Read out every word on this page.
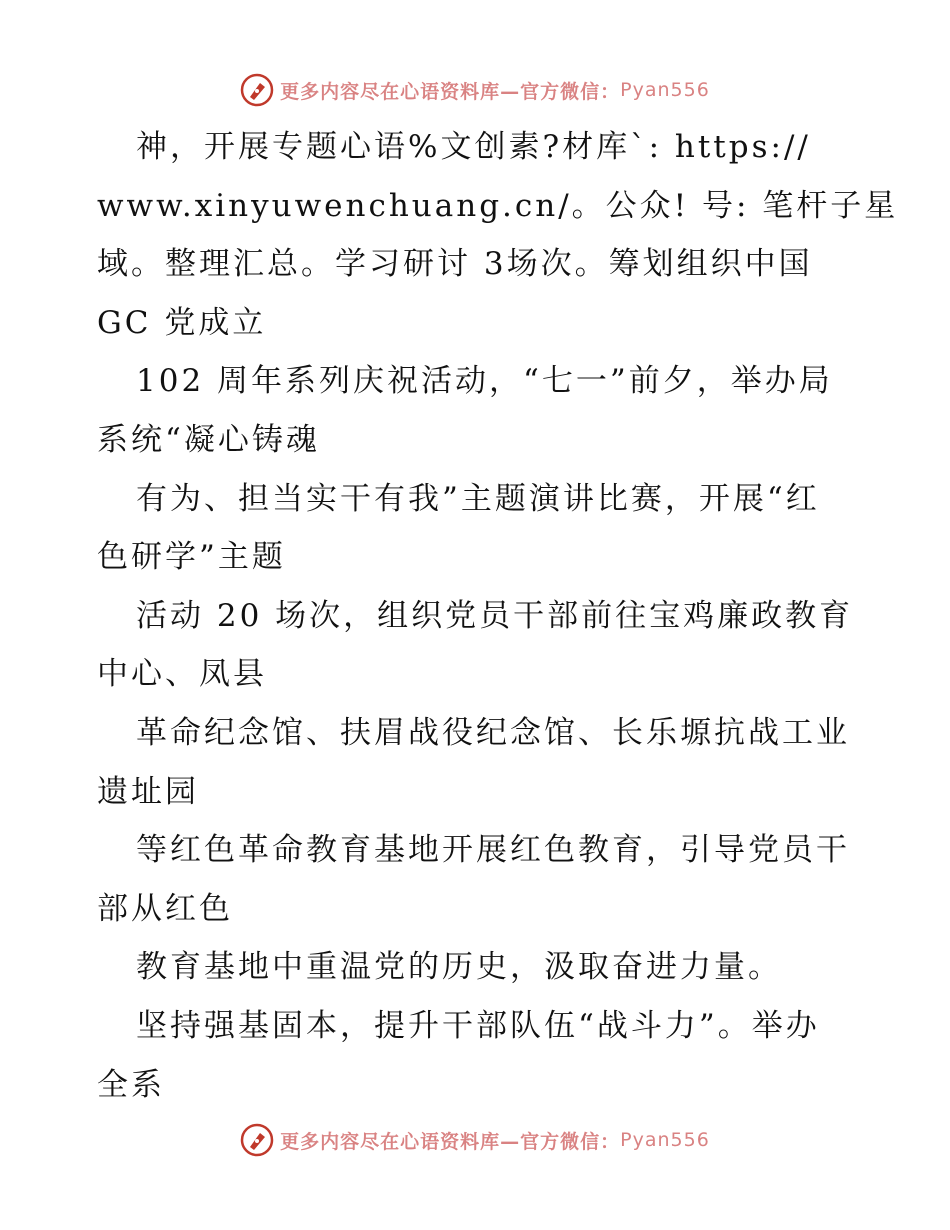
更多内容尽在心语资料库—官方微信： Pyan556
神，开展专题心语%文创素?材库`: https://
www.xinyuwenchuang.cn/。公众! 号: 笔杆子星
域。整理汇总。学习研讨 3场次。筹划组织中国
GC 党成立
102 周年系列庆祝活动，“七一”前夕，举办局
系统“凝心铸魂
有为、担当实干有我”主题演讲比赛，开展“红
色研学”主题
活动 20 场次，组织党员干部前往宝鸡廉政教育
中心、凤县
革命纪念馆、扶眉战役纪念馆、长乐塬抗战工业
遗址园
等红色革命教育基地开展红色教育，引导党员干
部从红色
教育基地中重温党的历史，汲取奋进力量。
坚持强基固本，提升干部队伍“战斗力”。举办
全系
更多内容尽在心语资料库—官方微信： Pyan556
